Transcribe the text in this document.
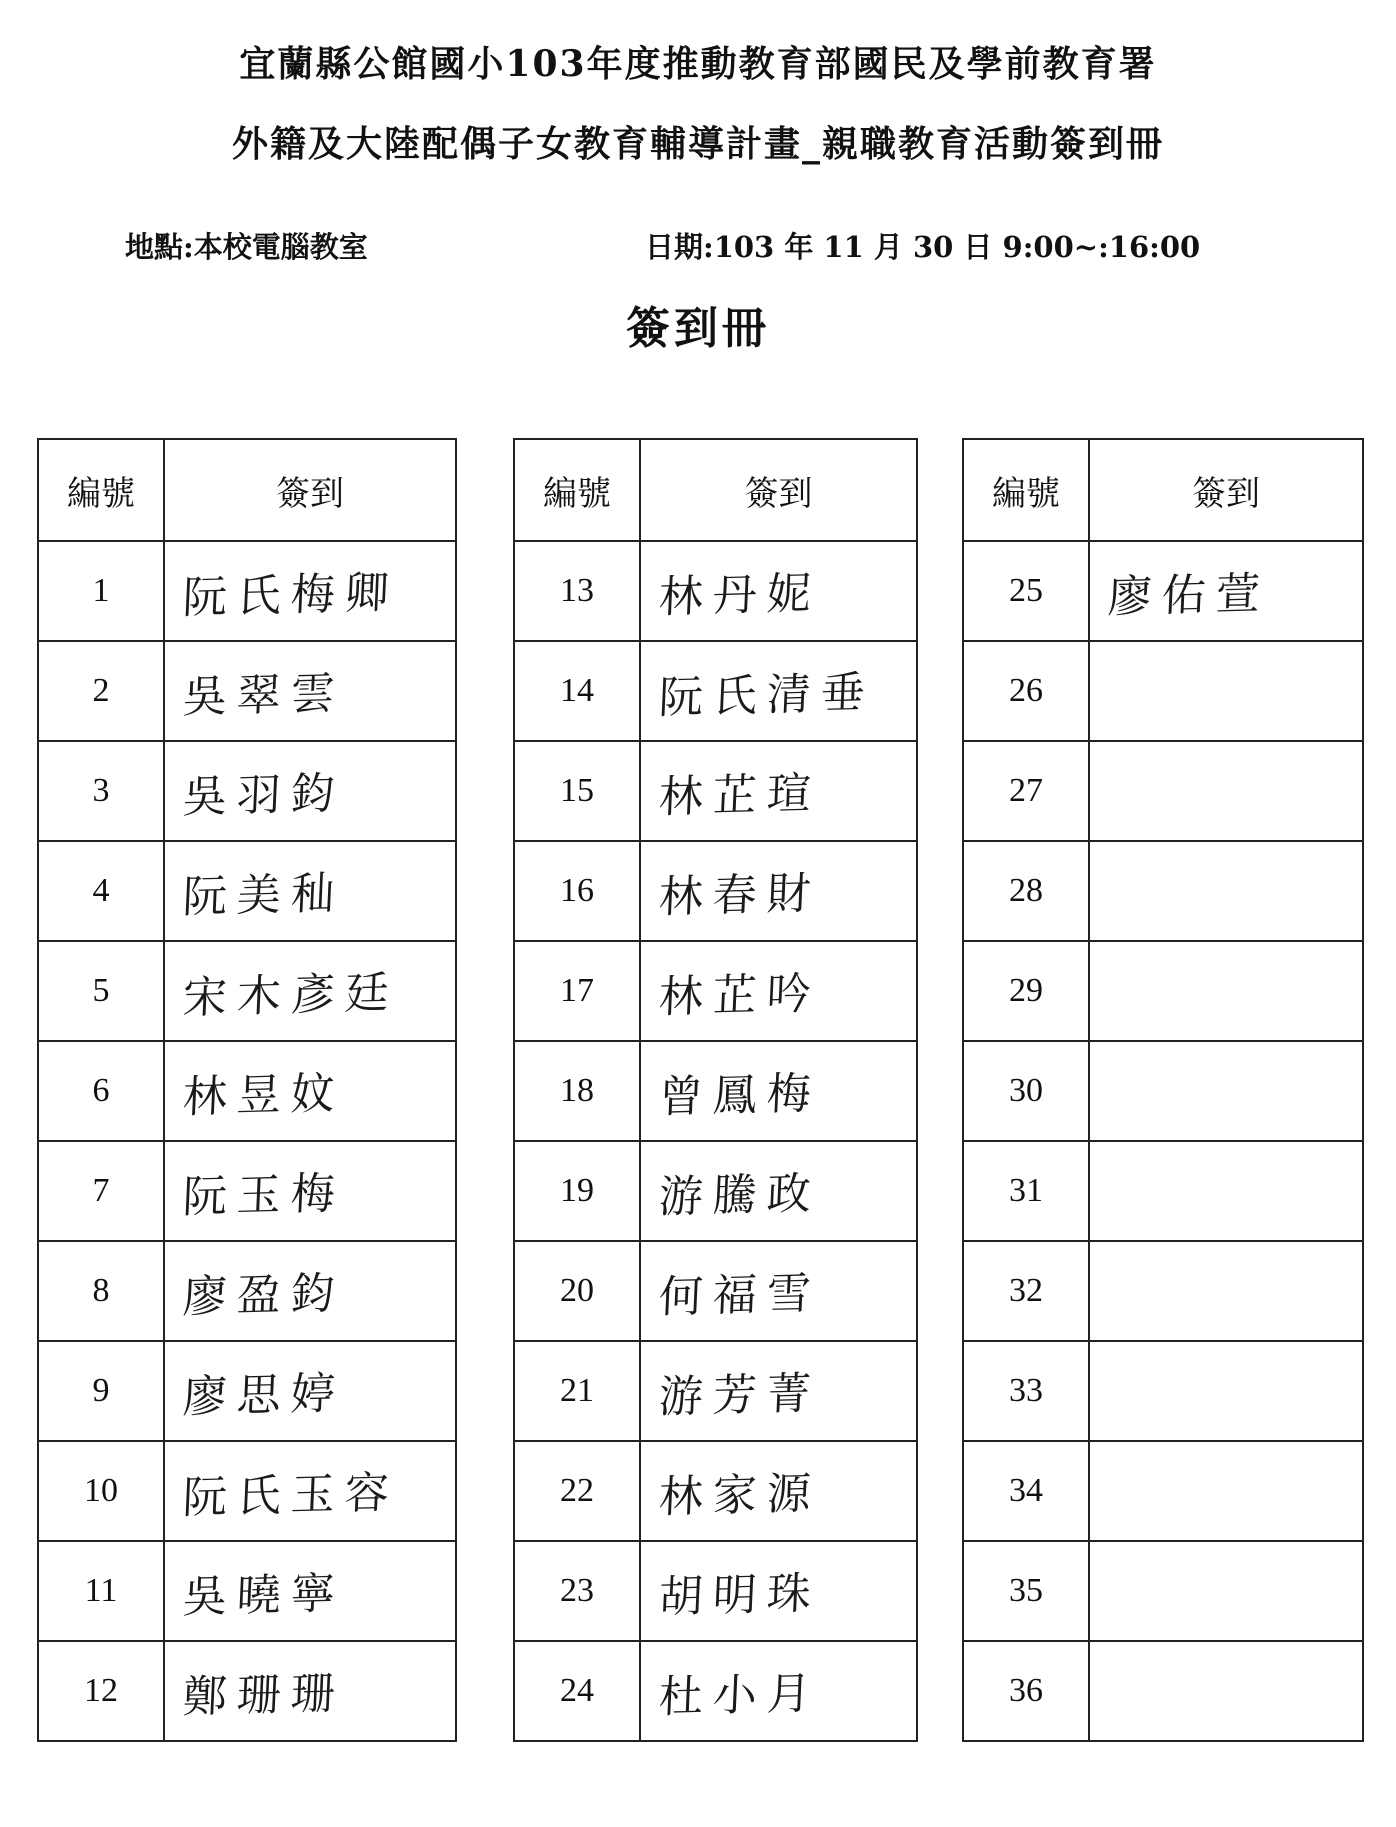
宜蘭縣公館國小103年度推動教育部國民及學前教育署
外籍及大陸配偶子女教育輔導計畫_親職教育活動簽到冊
地點:本校電腦教室	日期:103 年 11 月 30 日 9:00~:16:00
簽到冊
編號	簽到
1	阮氏梅卿
2	吳翠雲
3	吳羽鈞
4	阮美秈
5	宋木彥廷
6	林昱妏
7	阮玉梅
8	廖盈鈞
9	廖思婷
10	阮氏玉容
11	吳曉寧
12	鄭珊珊
編號	簽到
13	林丹妮
14	阮氏清垂
15	林芷瑄
16	林春財
17	林芷吟
18	曾鳳梅
19	游騰政
20	何福雪
21	游芳菁
22	林家源
23	胡明珠
24	杜小月
編號	簽到
25	廖佑萱
26	
27	
28	
29	
30	
31	
32	
33	
34	
35	
36	
